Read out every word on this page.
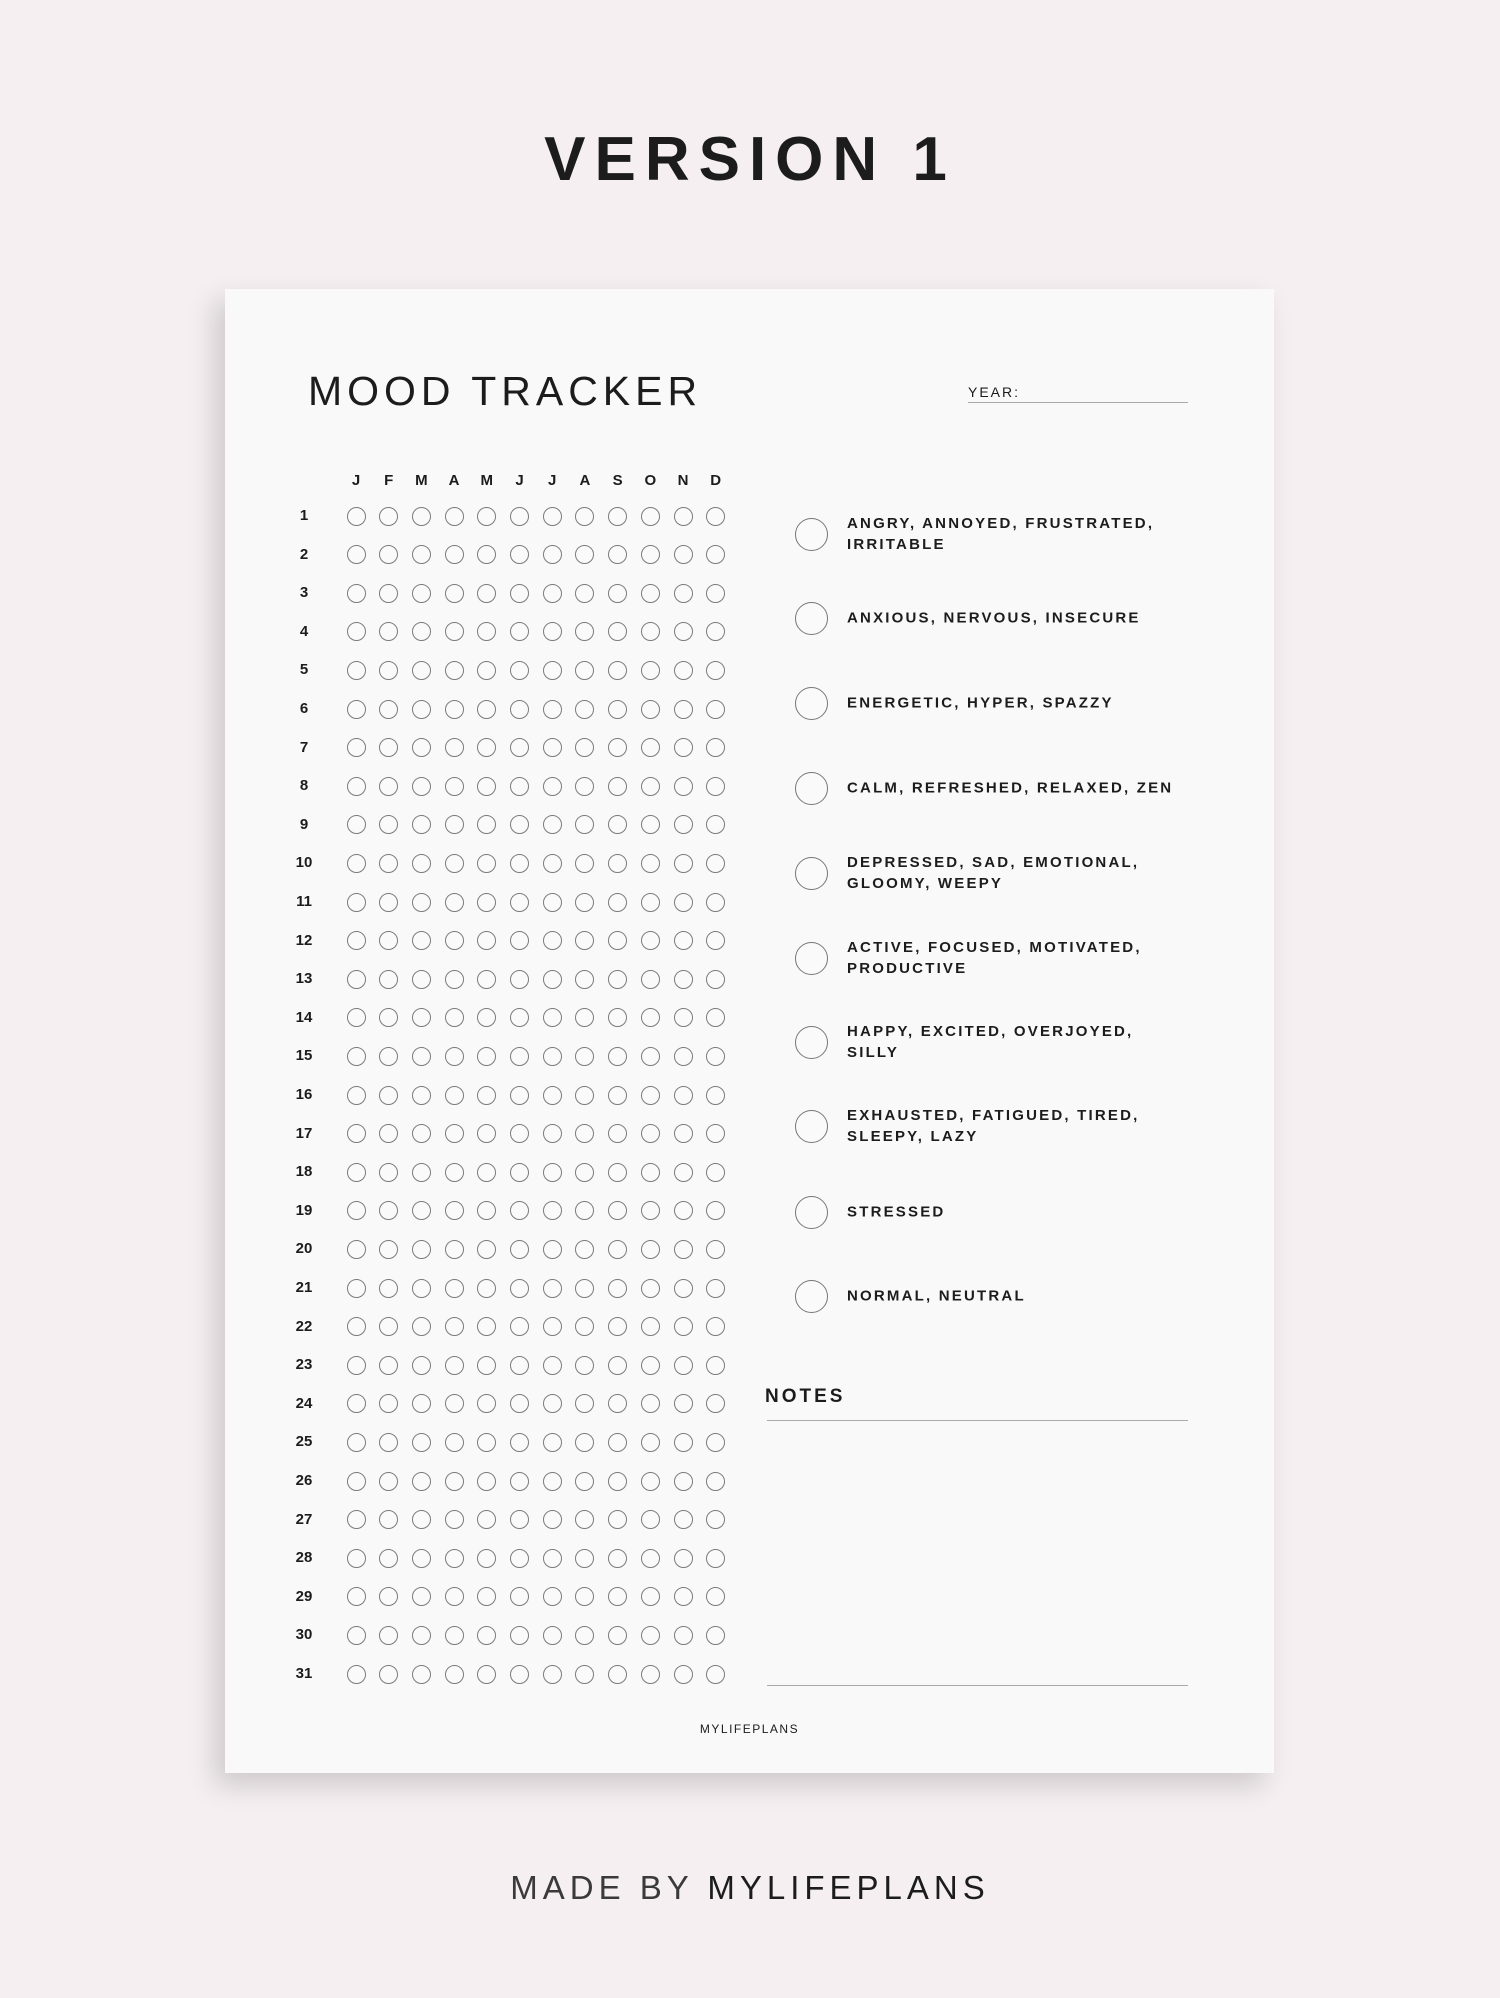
VERSION 1
MOOD TRACKER	YEAR:
J	F	M	A	M	J	J	A	S	O	N	D
1
2
3
4
5
6
7
8
9
10
11
12
13
14
15
16
17
18
19
20
21
22
23
24
25
26
27
28
29
30
31
ANGRY, ANNOYED, FRUSTRATED, IRRITABLE
ANXIOUS, NERVOUS, INSECURE
ENERGETIC, HYPER, SPAZZY
CALM, REFRESHED, RELAXED, ZEN
DEPRESSED, SAD, EMOTIONAL, GLOOMY, WEEPY
ACTIVE, FOCUSED, MOTIVATED, PRODUCTIVE
HAPPY, EXCITED, OVERJOYED, SILLY
EXHAUSTED, FATIGUED, TIRED, SLEEPY, LAZY
STRESSED
NORMAL, NEUTRAL
NOTES
MYLIFEPLANS
MADE BY MYLIFEPLANS
